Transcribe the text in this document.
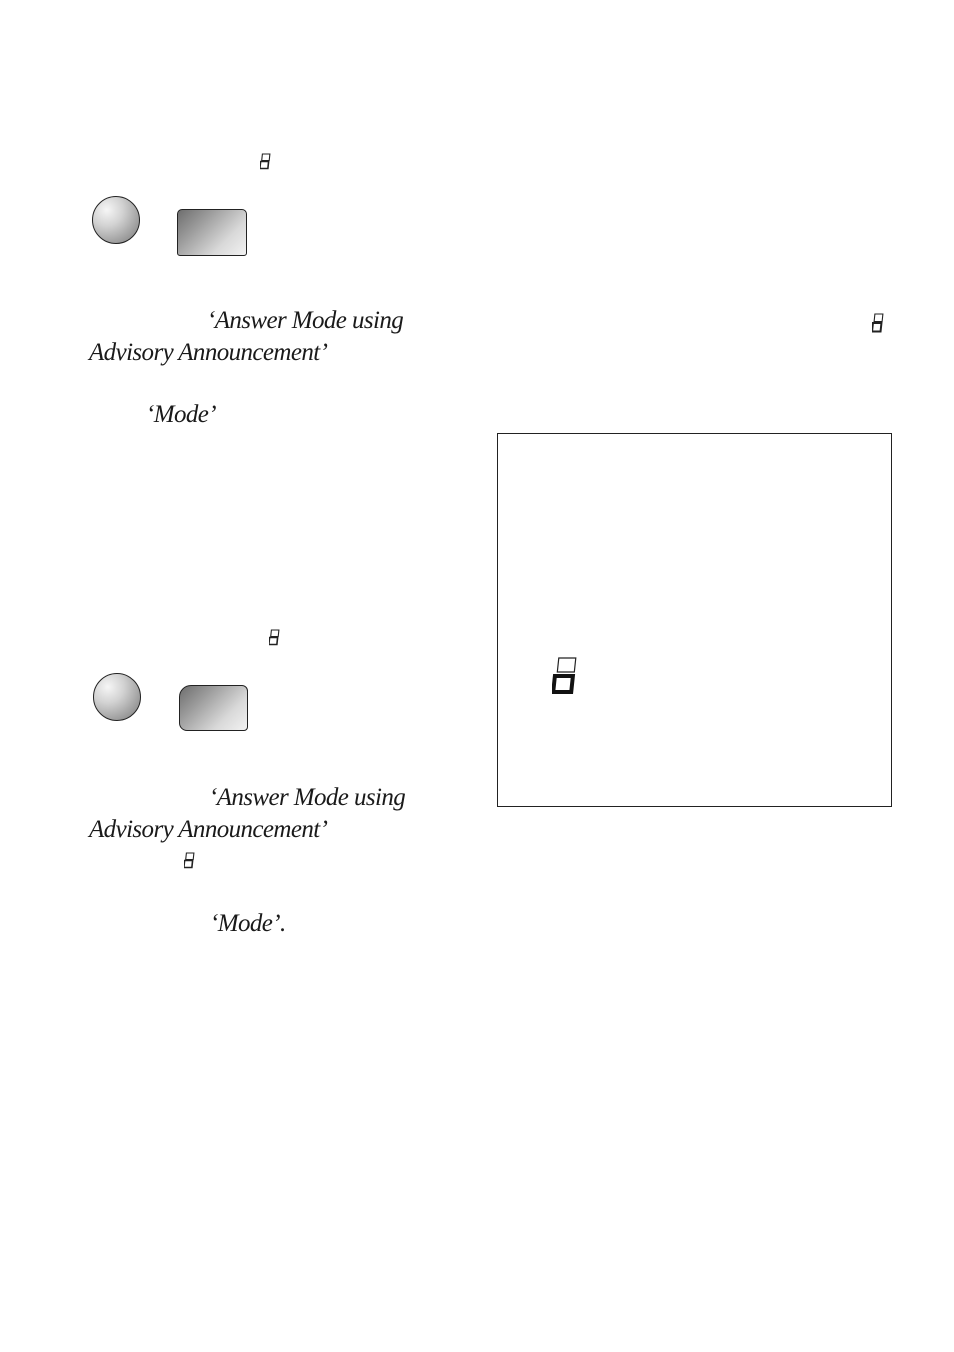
‘Answer Mode using
Advisory Announcement’
‘Mode’
‘Answer Mode using
Advisory Announcement’
‘Mode’.
